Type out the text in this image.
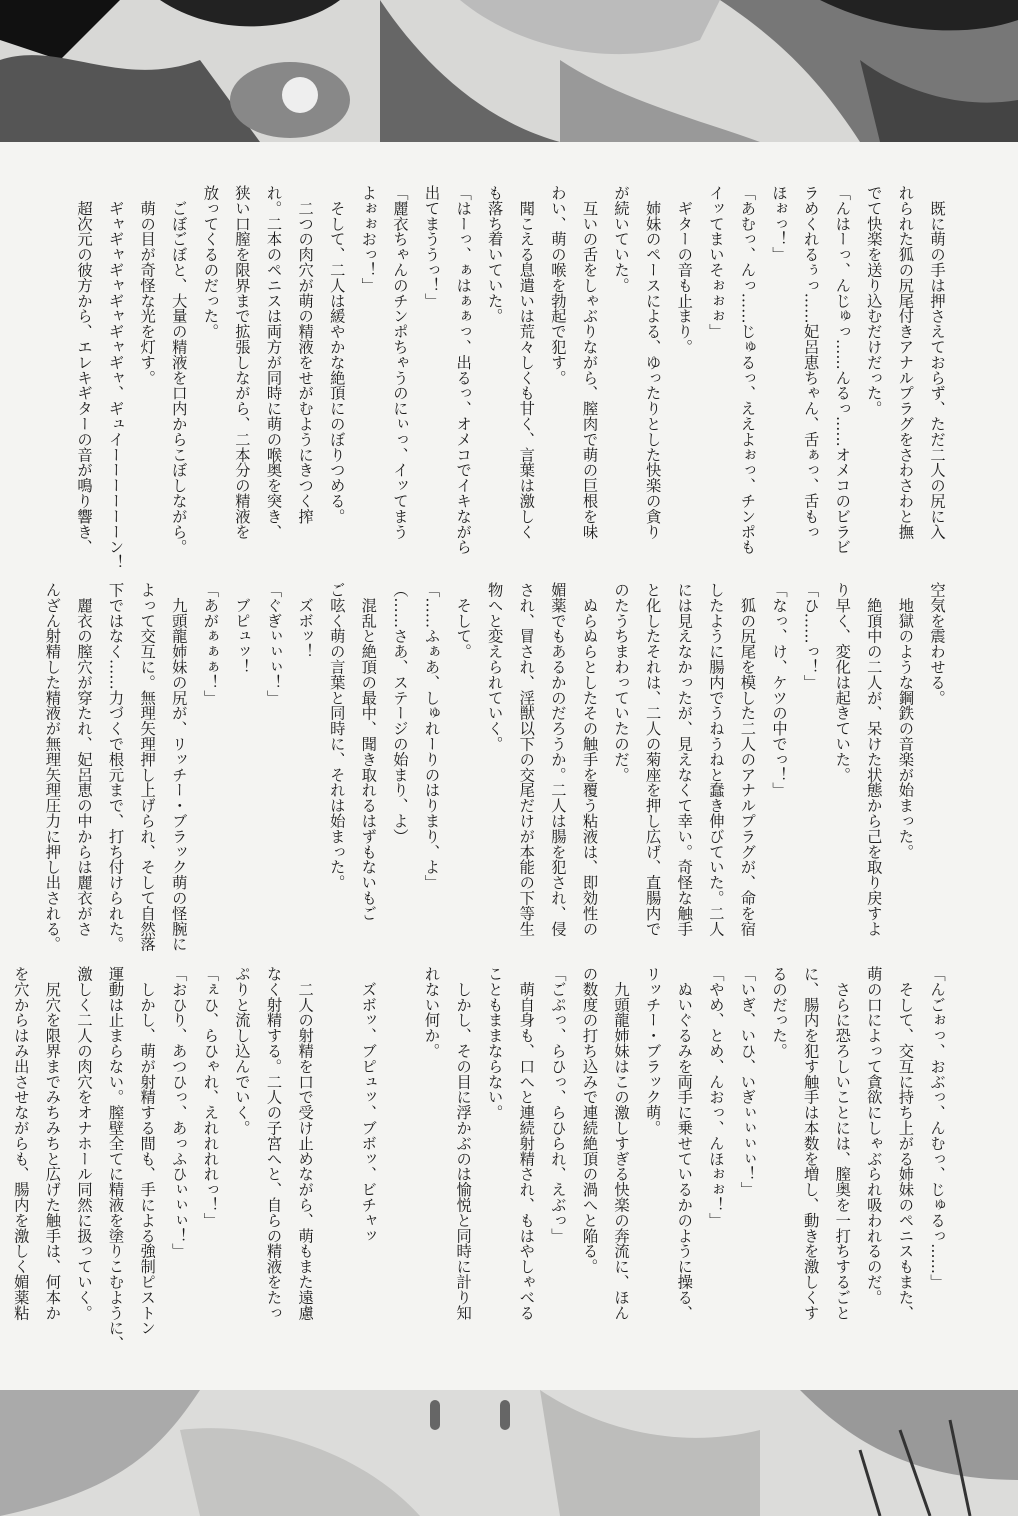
　既に萌の手は押さえておらず、ただ二人の尻に入
れられた狐の尻尾付きアナルプラグをさわさわと撫
でて快楽を送り込むだけだった。
「んはーっ、んじゅっ……んるっ……オメコのビラビ
ラめくれるぅっ……妃呂恵ちゃん、舌ぁっ、舌もっ
ほぉっ！」
「あむっ、んっ……じゅるっ、ええよぉっ、チンポも
イッてまいそぉぉぉ」
　ギターの音も止まり。
　姉妹のペースによる、ゆったりとした快楽の貪り
が続いていた。
　互いの舌をしゃぶりながら、膣肉で萌の巨根を味
わい、萌の喉を勃起で犯す。
　聞こえる息遣いは荒々しくも甘く、言葉は激しく
も落ち着いていた。
「はーっ、ぁはぁぁっ、出るっ、オメコでイキながら
出てまううっ！」
「麗衣ちゃんのチンポちゃうのにぃっ、イッてまう
よぉぉおっ！」
　そして、二人は緩やかな絶頂にのぼりつめる。
　二つの肉穴が萌の精液をせがむようにきつく搾
れ。二本のペニスは両方が同時に萌の喉奥を突き、
狭い口膣を限界まで拡張しながら、二本分の精液を
放ってくるのだった。
　ごぼごぼと、大量の精液を口内からこぼしながら。
　萌の目が奇怪な光を灯す。
　ギャギャギャギャギャギャ、ギュイーーーーーーン！
　超次元の彼方から、エレキギターの音が鳴り響き、
空気を震わせる。
　地獄のような鋼鉄の音楽が始まった。
　絶頂中の二人が、呆けた状態から己を取り戻すよ
り早く、変化は起きていた。
「ひ……っ！」
「なっ、け、ケツの中でっ！」
　狐の尻尾を模した二人のアナルプラグが、命を宿
したように腸内でうねうねと蠢き伸びていた。二人
には見えなかったが、見えなくて幸い。奇怪な触手
と化したそれは、二人の菊座を押し広げ、直腸内で
のたうちまわっていたのだ。
　ぬらぬらとしたその触手を覆う粘液は、即効性の
媚薬でもあるかのだろうか。二人は腸を犯され、侵
され、冒され、淫獣以下の交尾だけが本能の下等生
物へと変えられていく。
　そして。
「……ふぁあ、しゅれーりのはりまり、よ」
（……さあ、ステージの始まり、よ）
　混乱と絶頂の最中、聞き取れるはずもないもご
ご呟く萌の言葉と同時に、それは始まった。
　ズボッ！
「ぐぎぃぃぃ！」
　ブピュッ！
「あがぁぁぁ！」
　九頭龍姉妹の尻が、リッチー・ブラック萌の怪腕に
よって交互に。無理矢理押し上げられ、そして自然落
下ではなく……力づくで根元まで、打ち付けられた。
　麗衣の膣穴が穿たれ、妃呂恵の中からは麗衣がさ
んざん射精した精液が無理矢理圧力に押し出される。
「んごぉっ、おぶっ、んむっ、じゅるっ……」
　そして、交互に持ち上がる姉妹のペニスもまた、
萌の口によって貪欲にしゃぶられ吸われるのだ。
　さらに恐ろしいことには、膣奥を一打ちするごと
に、腸内を犯す触手は本数を増し、動きを激しくす
るのだった。
「いぎ、いひ、いぎぃぃぃぃ！」
「やめ、とめ、んおっ、んほぉぉ！」
　ぬいぐるみを両手に乗せているかのように操る、
リッチー・ブラック萌。
　九頭龍姉妹はこの激しすぎる快楽の奔流に、ほん
の数度の打ち込みで連続絶頂の渦へと陥る。
「ごぷっ、らひっ、らひられ、えぶっ」
　萌自身も、口へと連続射精され、もはやしゃべる
こともままならない。
　しかし、その目に浮かぶのは愉悦と同時に計り知
れない何か。
　ズボッ、ブピュッ、ブボッ、ビチャッ
　二人の射精を口で受け止めながら、萌もまた遠慮
なく射精する。二人の子宮へと、自らの精液をたっ
ぷりと流し込んでいく。
「ぇひ、らひゃれ、えれれれれっ！」
「おひり、あつひっ、あっふひぃぃぃ！」
　しかし、萌が射精する間も、手による強制ピストン
運動は止まらない。膣壁全てに精液を塗りこむように、
激しく二人の肉穴をオナホール同然に扱っていく。
　尻穴を限界までみちみちと広げた触手は、何本か
を穴からはみ出させながらも、腸内を激しく媚薬粘
